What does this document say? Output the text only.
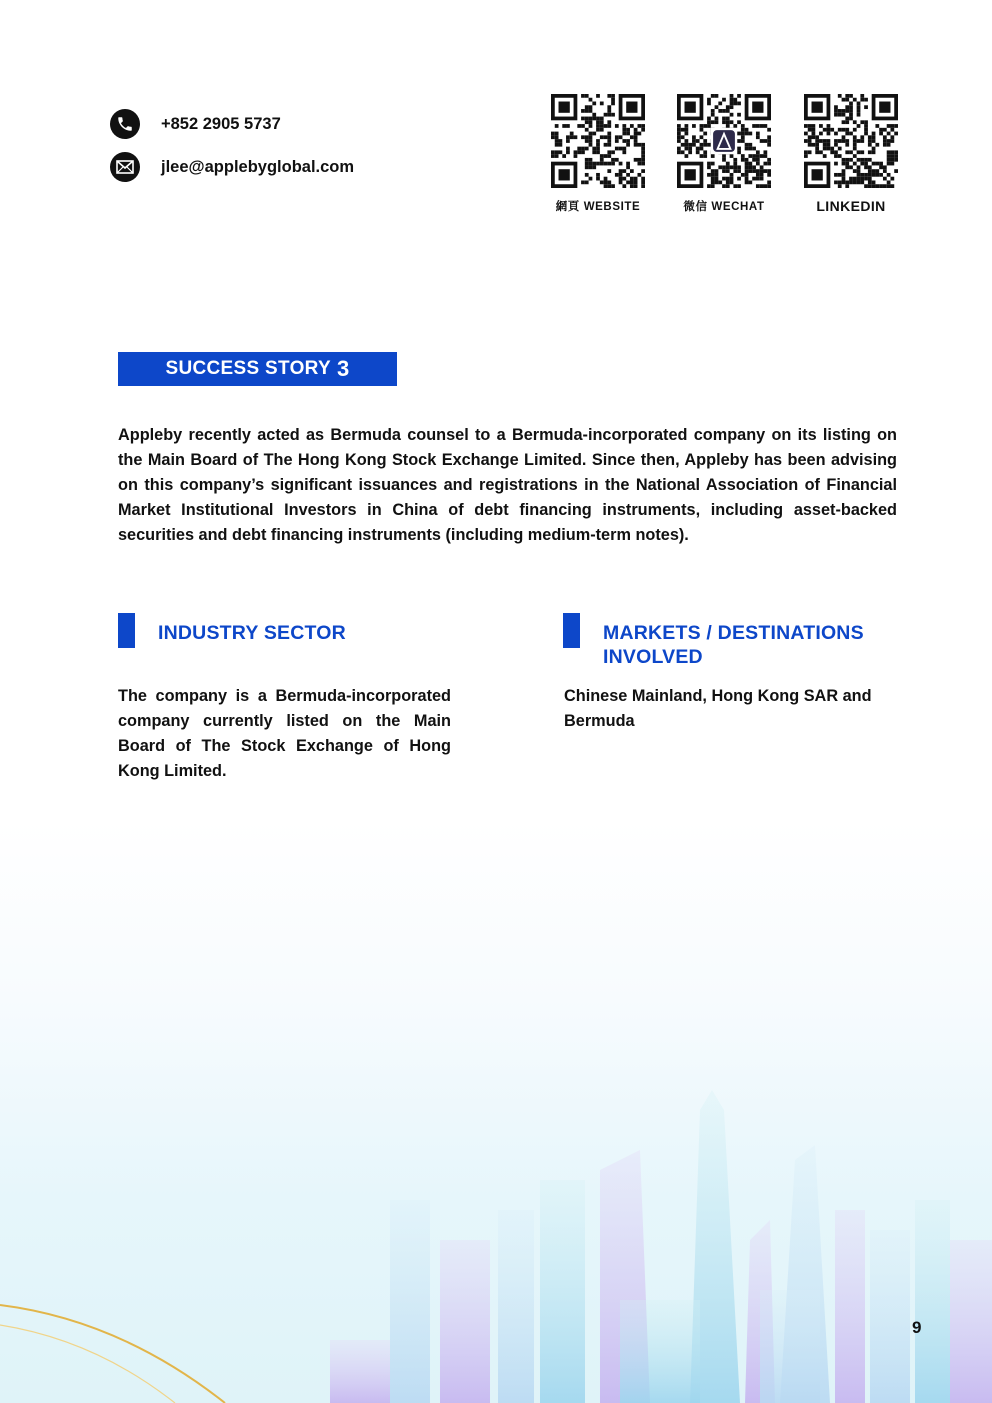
+852 2905 5737
jlee@applebyglobal.com
網頁 WEBSITE	微信 WECHAT	LINKEDIN
SUCCESS STORY 3
Appleby recently acted as Bermuda counsel to a Bermuda-incorporated company on its listing on the Main Board of The Hong Kong Stock Exchange Limited. Since then, Appleby has been advising on this company’s significant issuances and registrations in the National Association of Financial Market Institutional Investors in China of debt financing instruments, including asset-backed securities and debt financing instruments (including medium-term notes).
INDUSTRY SECTOR
The company is a Bermuda-incorporated company currently listed on the Main Board of The Stock Exchange of Hong Kong Limited.
MARKETS / DESTINATIONS
INVOLVED
Chinese Mainland, Hong Kong SAR and Bermuda
9
